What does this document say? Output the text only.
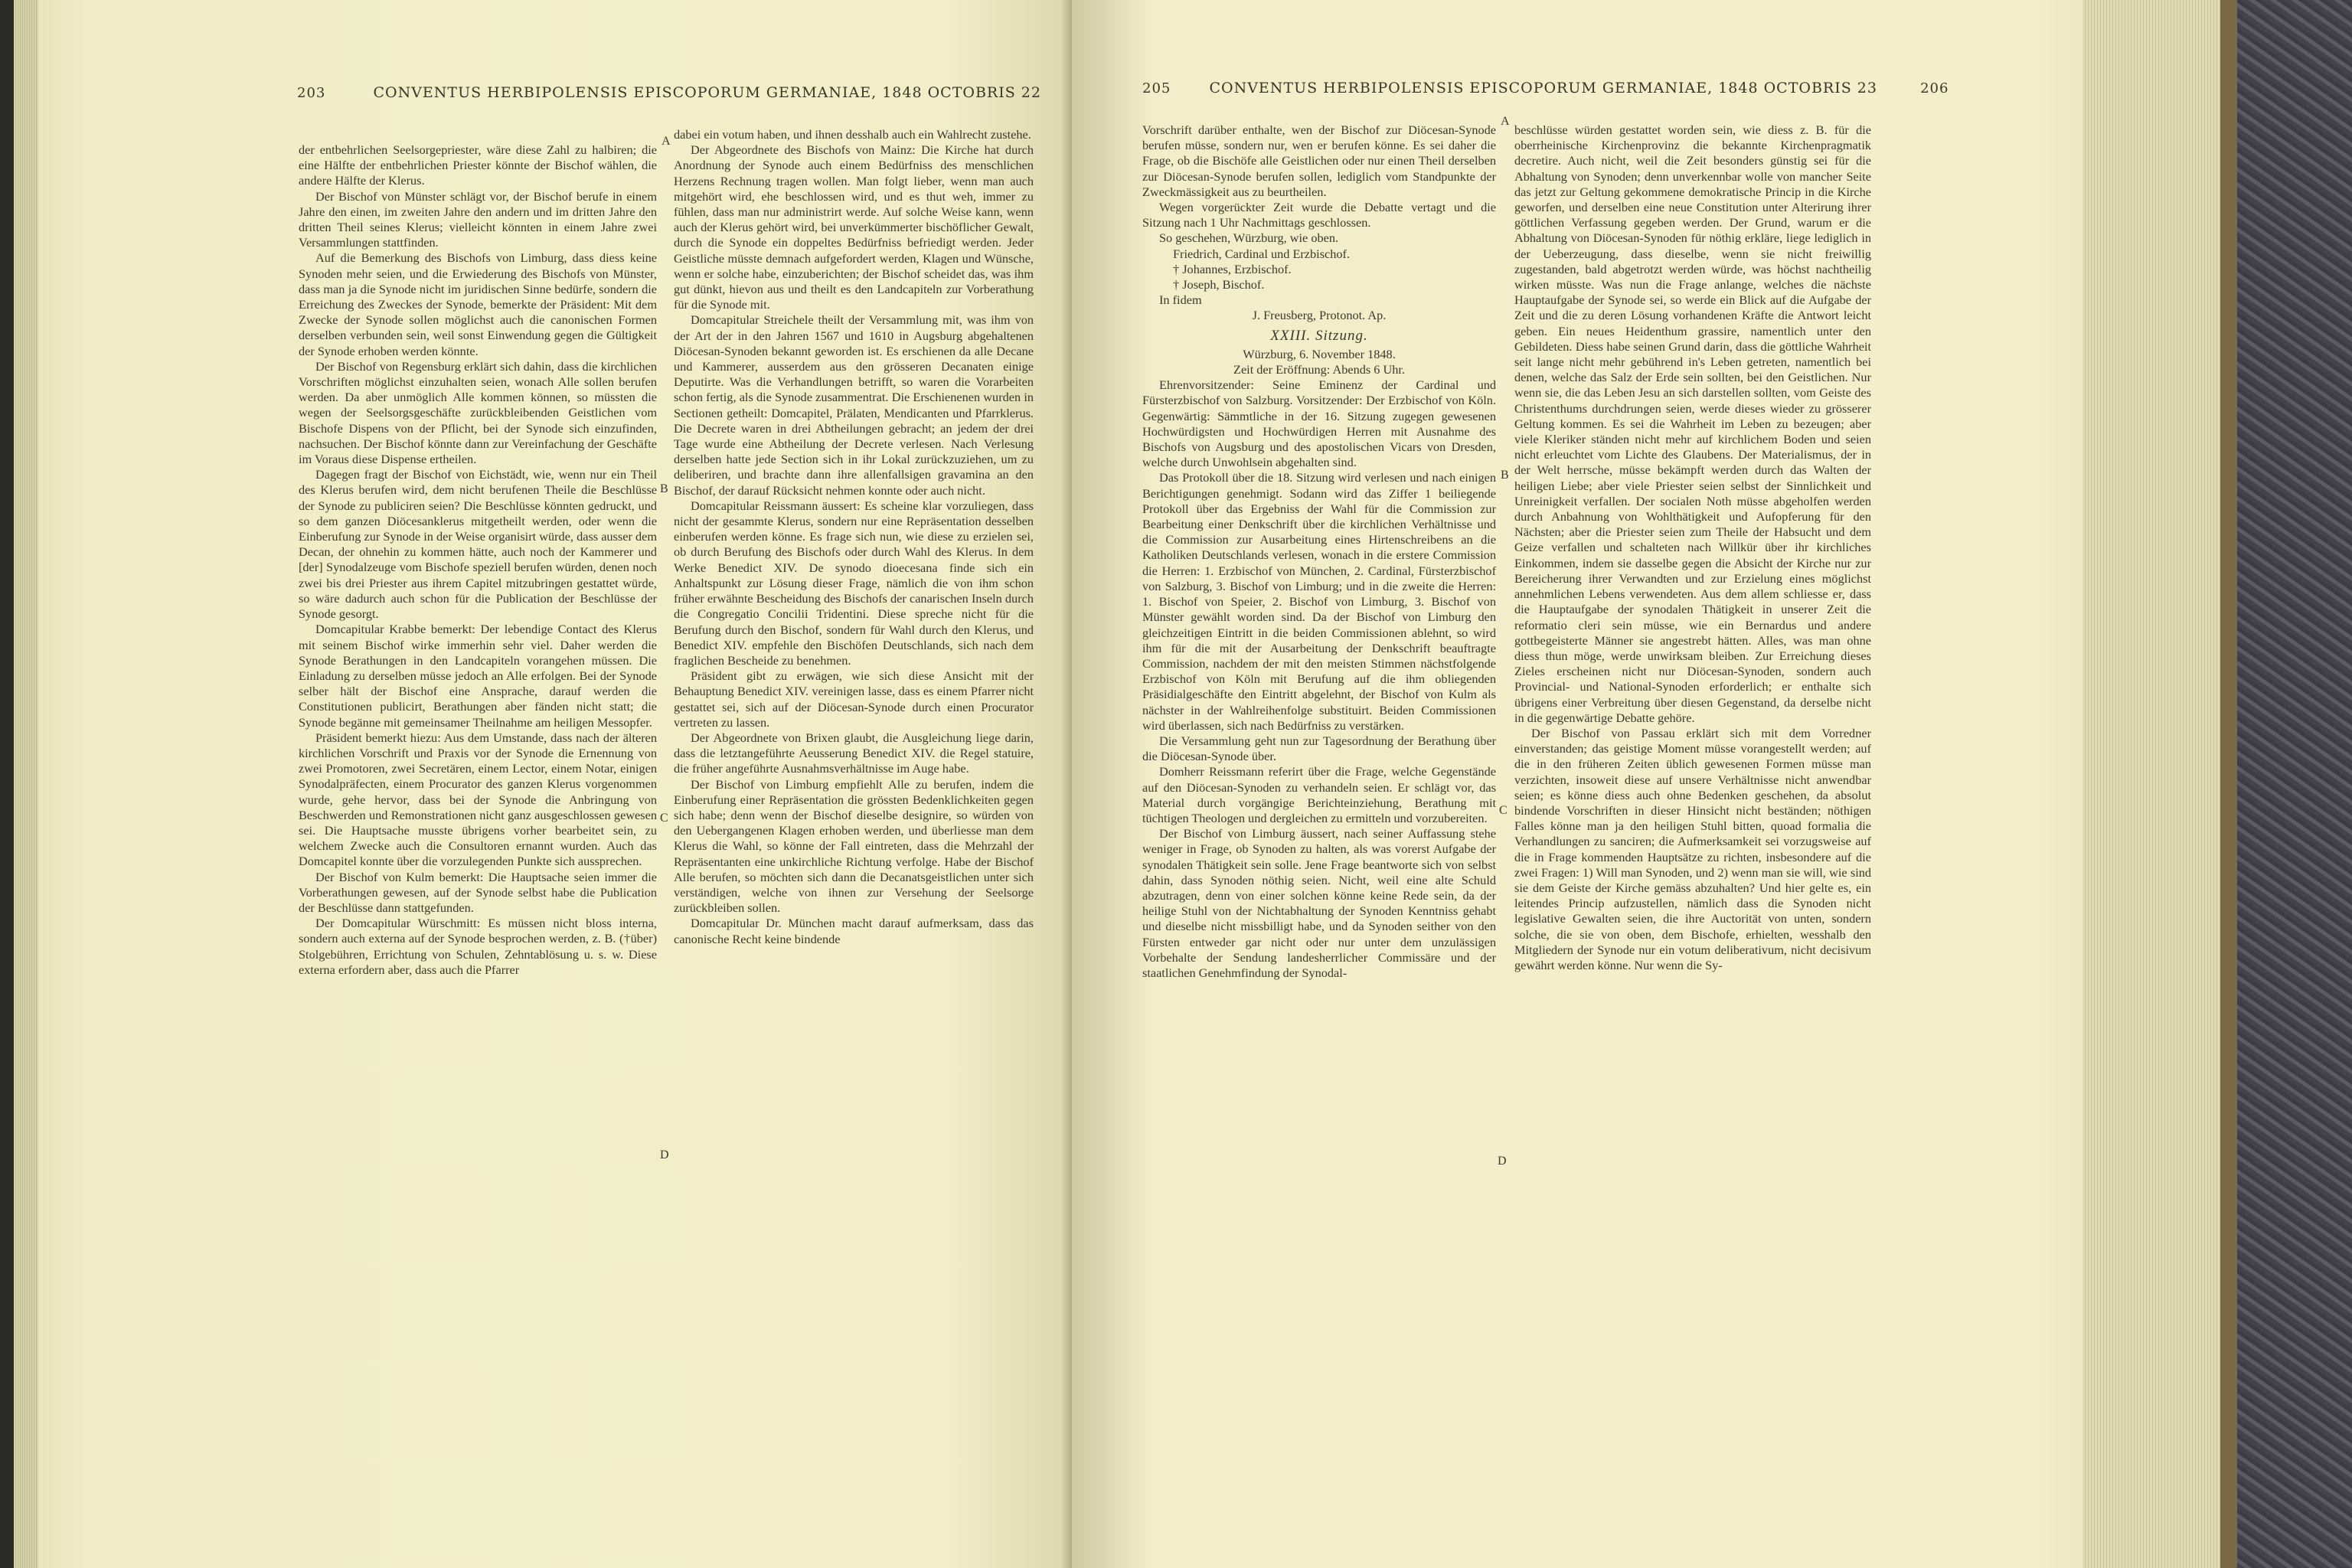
203	CONVENTUS HERBIPOLENSIS EPISCOPORUM GERMANIAE, 1848 OCTOBRIS 22

der entbehrlichen Seelsorgepriester, wäre diese Zahl zu halbiren; die eine Hälfte der entbehrlichen Priester könnte der Bischof wählen, die andere Hälfte der Klerus.

Der Bischof von Münster schlägt vor, der Bischof berufe in einem Jahre den einen, im zweiten Jahre den andern und im dritten Jahre den dritten Theil seines Klerus; vielleicht könnten in einem Jahre zwei Versammlungen stattfinden.

Auf die Bemerkung des Bischofs von Limburg, dass diess keine Synoden mehr seien, und die Erwiederung des Bischofs von Münster, dass man ja die Synode nicht im juridischen Sinne bedürfe, sondern die Erreichung des Zweckes der Synode, bemerkte der Präsident: Mit dem Zwecke der Synode sollen möglichst auch die canonischen Formen derselben verbunden sein, weil sonst Einwendung gegen die Gültigkeit der Synode erhoben werden könnte.

Der Bischof von Regensburg erklärt sich dahin, dass die kirchlichen Vorschriften möglichst einzuhalten seien, wonach Alle sollen berufen werden. Da aber unmöglich Alle kommen können, so müssten die wegen der Seelsorgsgeschäfte zurückbleibenden Geistlichen vom Bischofe Dispens von der Pflicht, bei der Synode sich einzufinden, nachsuchen. Der Bischof könnte dann zur Vereinfachung der Geschäfte im Voraus diese Dispense ertheilen.

Dagegen fragt der Bischof von Eichstädt, wie, wenn nur ein Theil des Klerus berufen wird, dem nicht berufenen Theile die Beschlüsse der Synode zu publiciren seien? Die Beschlüsse könnten gedruckt, und so dem ganzen Diöcesanklerus mitgetheilt werden, oder wenn die Einberufung zur Synode in der Weise organisirt würde, dass ausser dem Decan, der ohnehin zu kommen hätte, auch noch der Kammerer und [der] Synodalzeuge vom Bischofe speziell berufen würden, denen noch zwei bis drei Priester aus ihrem Capitel mitzubringen gestattet würde, so wäre dadurch auch schon für die Publication der Beschlüsse der Synode gesorgt.

Domcapitular Krabbe bemerkt: Der lebendige Contact des Klerus mit seinem Bischof wirke immerhin sehr viel. Daher werden die Synode Berathungen in den Landcapiteln vorangehen müssen. Die Einladung zu derselben müsse jedoch an Alle erfolgen. Bei der Synode selber hält der Bischof eine Ansprache, darauf werden die Constitutionen publicirt, Berathungen aber fänden nicht statt; die Synode begänne mit gemeinsamer Theilnahme am heiligen Messopfer.

Präsident bemerkt hiezu: Aus dem Umstande, dass nach der älteren kirchlichen Vorschrift und Praxis vor der Synode die Ernennung von zwei Promotoren, zwei Secretären, einem Lector, einem Notar, einigen Synodalpräfecten, einem Procurator des ganzen Klerus vorgenommen wurde, gehe hervor, dass bei der Synode die Anbringung von Beschwerden und Remonstrationen nicht ganz ausgeschlossen gewesen sei. Die Hauptsache musste übrigens vorher bearbeitet sein, zu welchem Zwecke auch die Consultoren ernannt wurden. Auch das Domcapitel konnte über die vorzulegenden Punkte sich aussprechen.

Der Bischof von Kulm bemerkt: Die Hauptsache seien immer die Vorberathungen gewesen, auf der Synode selbst habe die Publication der Beschlüsse dann stattgefunden.

Der Domcapitular Würschmitt: Es müssen nicht bloss interna, sondern auch externa auf der Synode besprochen werden, z. B. (†über) Stolgebühren, Errichtung von Schulen, Zehntablösung u. s. w. Diese externa erfordern aber, dass auch die Pfarrer

A
B
C
D

dabei ein votum haben, und ihnen desshalb auch ein Wahlrecht zustehe.

Der Abgeordnete des Bischofs von Mainz: Die Kirche hat durch Anordnung der Synode auch einem Bedürfniss des menschlichen Herzens Rechnung tragen wollen. Man folgt lieber, wenn man auch mitgehört wird, ehe beschlossen wird, und es thut weh, immer zu fühlen, dass man nur administrirt werde. Auf solche Weise kann, wenn auch der Klerus gehört wird, bei unverkümmerter bischöflicher Gewalt, durch die Synode ein doppeltes Bedürfniss befriedigt werden. Jeder Geistliche müsste demnach aufgefordert werden, Klagen und Wünsche, wenn er solche habe, einzuberichten; der Bischof scheidet das, was ihm gut dünkt, hievon aus und theilt es den Landcapiteln zur Vorberathung für die Synode mit.

Domcapitular Streichele theilt der Versammlung mit, was ihm von der Art der in den Jahren 1567 und 1610 in Augsburg abgehaltenen Diöcesan-Synoden bekannt geworden ist. Es erschienen da alle Decane und Kammerer, ausserdem aus den grösseren Decanaten einige Deputirte. Was die Verhandlungen betrifft, so waren die Vorarbeiten schon fertig, als die Synode zusammentrat. Die Erschienenen wurden in Sectionen getheilt: Domcapitel, Prälaten, Mendicanten und Pfarrklerus. Die Decrete waren in drei Abtheilungen gebracht; an jedem der drei Tage wurde eine Abtheilung der Decrete verlesen. Nach Verlesung derselben hatte jede Section sich in ihr Lokal zurückzuziehen, um zu deliberiren, und brachte dann ihre allenfallsigen gravamina an den Bischof, der darauf Rücksicht nehmen konnte oder auch nicht.

Domcapitular Reissmann äussert: Es scheine klar vorzuliegen, dass nicht der gesammte Klerus, sondern nur eine Repräsentation desselben einberufen werden könne. Es frage sich nun, wie diese zu erzielen sei, ob durch Berufung des Bischofs oder durch Wahl des Klerus. In dem Werke Benedict XIV. De synodo dioecesana finde sich ein Anhaltspunkt zur Lösung dieser Frage, nämlich die von ihm schon früher erwähnte Bescheidung des Bischofs der canarischen Inseln durch die Congregatio Concilii Tridentini. Diese spreche nicht für die Berufung durch den Bischof, sondern für Wahl durch den Klerus, und Benedict XIV. empfehle den Bischöfen Deutschlands, sich nach dem fraglichen Bescheide zu benehmen.

Präsident gibt zu erwägen, wie sich diese Ansicht mit der Behauptung Benedict XIV. vereinigen lasse, dass es einem Pfarrer nicht gestattet sei, sich auf der Diöcesan-Synode durch einen Procurator vertreten zu lassen.

Der Abgeordnete von Brixen glaubt, die Ausgleichung liege darin, dass die letztangeführte Aeusserung Benedict XIV. die Regel statuire, die früher angeführte Ausnahmsverhältnisse im Auge habe.

Der Bischof von Limburg empfiehlt Alle zu berufen, indem die Einberufung einer Repräsentation die grössten Bedenklichkeiten gegen sich habe; denn wenn der Bischof dieselbe designire, so würden von den Uebergangenen Klagen erhoben werden, und überliesse man dem Klerus die Wahl, so könne der Fall eintreten, dass die Mehrzahl der Repräsentanten eine unkirchliche Richtung verfolge. Habe der Bischof Alle berufen, so möchten sich dann die Decanatsgeistlichen unter sich verständigen, welche von ihnen zur Versehung der Seelsorge zurückbleiben sollen.

Domcapitular Dr. München macht darauf aufmerksam, dass das canonische Recht keine bindende

205	CONVENTUS HERBIPOLENSIS EPISCOPORUM GERMANIAE, 1848 OCTOBRIS 23	206

Vorschrift darüber enthalte, wen der Bischof zur Diöcesan-Synode berufen müsse, sondern nur, wen er berufen könne. Es sei daher die Frage, ob die Bischöfe alle Geistlichen oder nur einen Theil derselben zur Diöcesan-Synode berufen sollen, lediglich vom Standpunkte der Zweckmässigkeit aus zu beurtheilen.

Wegen vorgerückter Zeit wurde die Debatte vertagt und die Sitzung nach 1 Uhr Nachmittags geschlossen.

So geschehen, Würzburg, wie oben.

Friedrich, Cardinal und Erzbischof.

† Johannes, Erzbischof.

† Joseph, Bischof.

In fidem

J. Freusberg, Protonot. Ap.

XXIII. Sitzung.

Würzburg, 6. November 1848.

Zeit der Eröffnung: Abends 6 Uhr.

Ehrenvorsitzender: Seine Eminenz der Cardinal und Fürsterzbischof von Salzburg. Vorsitzender: Der Erzbischof von Köln. Gegenwärtig: Sämmtliche in der 16. Sitzung zugegen gewesenen Hochwürdigsten und Hochwürdigen Herren mit Ausnahme des Bischofs von Augsburg und des apostolischen Vicars von Dresden, welche durch Unwohlsein abgehalten sind.

Das Protokoll über die 18. Sitzung wird verlesen und nach einigen Berichtigungen genehmigt. Sodann wird das Ziffer 1 beiliegende Protokoll über das Ergebniss der Wahl für die Commission zur Bearbeitung einer Denkschrift über die kirchlichen Verhältnisse und die Commission zur Ausarbeitung eines Hirtenschreibens an die Katholiken Deutschlands verlesen, wonach in die erstere Commission die Herren: 1. Erzbischof von München, 2. Cardinal, Fürsterzbischof von Salzburg, 3. Bischof von Limburg; und in die zweite die Herren: 1. Bischof von Speier, 2. Bischof von Limburg, 3. Bischof von Münster gewählt worden sind. Da der Bischof von Limburg den gleichzeitigen Eintritt in die beiden Commissionen ablehnt, so wird ihm für die mit der Ausarbeitung der Denkschrift beauftragte Commission, nachdem der mit den meisten Stimmen nächstfolgende Erzbischof von Köln mit Berufung auf die ihm obliegenden Präsidialgeschäfte den Eintritt abgelehnt, der Bischof von Kulm als nächster in der Wahlreihenfolge substituirt. Beiden Commissionen wird überlassen, sich nach Bedürfniss zu verstärken.

Die Versammlung geht nun zur Tagesordnung der Berathung über die Diöcesan-Synode über.

Domherr Reissmann referirt über die Frage, welche Gegenstände auf den Diöcesan-Synoden zu verhandeln seien. Er schlägt vor, das Material durch vorgängige Berichteinziehung, Berathung mit tüchtigen Theologen und dergleichen zu ermitteln und vorzubereiten.

Der Bischof von Limburg äussert, nach seiner Auffassung stehe weniger in Frage, ob Synoden zu halten, als was vorerst Aufgabe der synodalen Thätigkeit sein solle. Jene Frage beantworte sich von selbst dahin, dass Synoden nöthig seien. Nicht, weil eine alte Schuld abzutragen, denn von einer solchen könne keine Rede sein, da der heilige Stuhl von der Nichtabhaltung der Synoden Kenntniss gehabt und dieselbe nicht missbilligt habe, und da Synoden seither von den Fürsten entweder gar nicht oder nur unter dem unzulässigen Vorbehalte der Sendung landesherrlicher Commissäre und der staatlichen Genehmfindung der Synodal-

A
B
C
D

beschlüsse würden gestattet worden sein, wie diess z. B. für die oberrheinische Kirchenprovinz die bekannte Kirchenpragmatik decretire. Auch nicht, weil die Zeit besonders günstig sei für die Abhaltung von Synoden; denn unverkennbar wolle von mancher Seite das jetzt zur Geltung gekommene demokratische Princip in die Kirche geworfen, und derselben eine neue Constitution unter Alterirung ihrer göttlichen Verfassung gegeben werden. Der Grund, warum er die Abhaltung von Diöcesan-Synoden für nöthig erkläre, liege lediglich in der Ueberzeugung, dass dieselbe, wenn sie nicht freiwillig zugestanden, bald abgetrotzt werden würde, was höchst nachtheilig wirken müsste. Was nun die Frage anlange, welches die nächste Hauptaufgabe der Synode sei, so werde ein Blick auf die Aufgabe der Zeit und die zu deren Lösung vorhandenen Kräfte die Antwort leicht geben. Ein neues Heidenthum grassire, namentlich unter den Gebildeten. Diess habe seinen Grund darin, dass die göttliche Wahrheit seit lange nicht mehr gebührend in's Leben getreten, namentlich bei denen, welche das Salz der Erde sein sollten, bei den Geistlichen. Nur wenn sie, die das Leben Jesu an sich darstellen sollten, vom Geiste des Christenthums durchdrungen seien, werde dieses wieder zu grösserer Geltung kommen. Es sei die Wahrheit im Leben zu bezeugen; aber viele Kleriker ständen nicht mehr auf kirchlichem Boden und seien nicht erleuchtet vom Lichte des Glaubens. Der Materialismus, der in der Welt herrsche, müsse bekämpft werden durch das Walten der heiligen Liebe; aber viele Priester seien selbst der Sinnlichkeit und Unreinigkeit verfallen. Der socialen Noth müsse abgeholfen werden durch Anbahnung von Wohlthätigkeit und Aufopferung für den Nächsten; aber die Priester seien zum Theile der Habsucht und dem Geize verfallen und schalteten nach Willkür über ihr kirchliches Einkommen, indem sie dasselbe gegen die Absicht der Kirche nur zur Bereicherung ihrer Verwandten und zur Erzielung eines möglichst annehmlichen Lebens verwendeten. Aus dem allem schliesse er, dass die Hauptaufgabe der synodalen Thätigkeit in unserer Zeit die reformatio cleri sein müsse, wie ein Bernardus und andere gottbegeisterte Männer sie angestrebt hätten. Alles, was man ohne diess thun möge, werde unwirksam bleiben. Zur Erreichung dieses Zieles erscheinen nicht nur Diöcesan-Synoden, sondern auch Provincial- und National-Synoden erforderlich; er enthalte sich übrigens einer Verbreitung über diesen Gegenstand, da derselbe nicht in die gegenwärtige Debatte gehöre.

Der Bischof von Passau erklärt sich mit dem Vorredner einverstanden; das geistige Moment müsse vorangestellt werden; auf die in den früheren Zeiten üblich gewesenen Formen müsse man verzichten, insoweit diese auf unsere Verhältnisse nicht anwendbar seien; es könne diess auch ohne Bedenken geschehen, da absolut bindende Vorschriften in dieser Hinsicht nicht beständen; nöthigen Falles könne man ja den heiligen Stuhl bitten, quoad formalia die Verhandlungen zu sanciren; die Aufmerksamkeit sei vorzugsweise auf die in Frage kommenden Hauptsätze zu richten, insbesondere auf die zwei Fragen: 1) Will man Synoden, und 2) wenn man sie will, wie sind sie dem Geiste der Kirche gemäss abzuhalten? Und hier gelte es, ein leitendes Princip aufzustellen, nämlich dass die Synoden nicht legislative Gewalten seien, die ihre Auctorität von unten, sondern solche, die sie von oben, dem Bischofe, erhielten, wesshalb den Mitgliedern der Synode nur ein votum deliberativum, nicht decisivum gewährt werden könne. Nur wenn die Sy-
